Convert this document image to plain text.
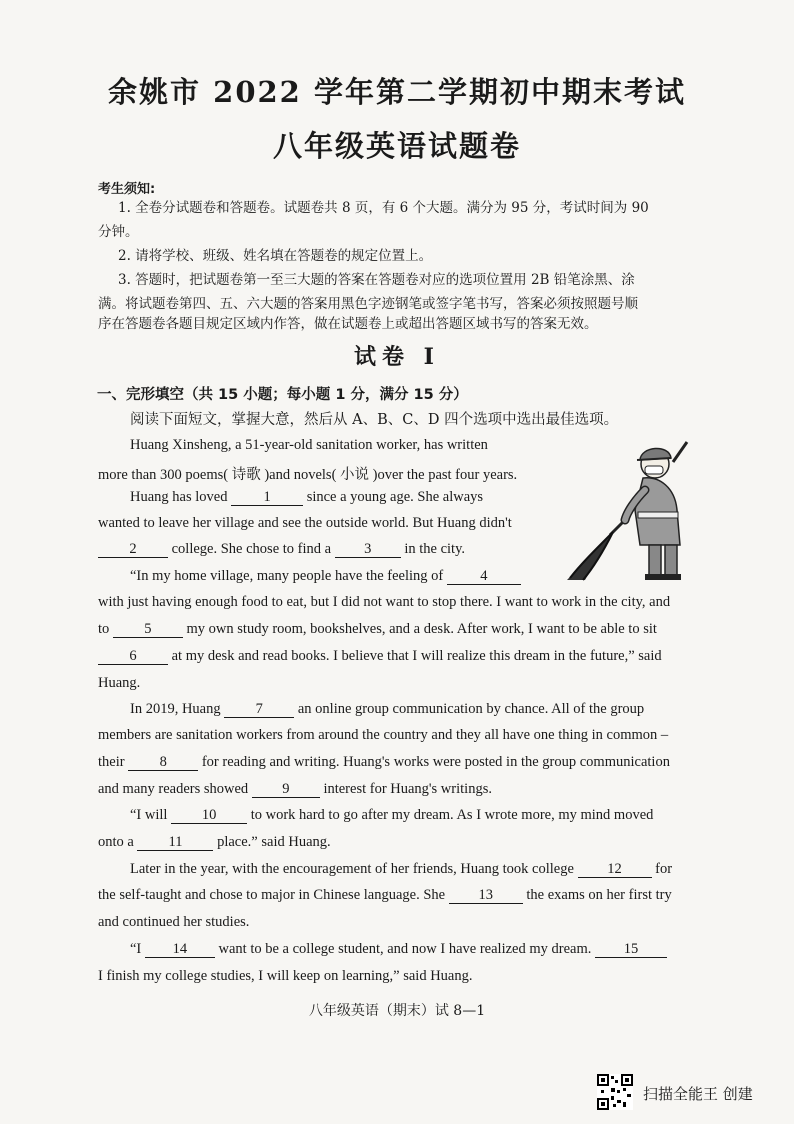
余姚市 2022 学年第二学期初中期末考试
八年级英语试题卷
考生须知:
1. 全卷分试题卷和答题卷。试题卷共 8 页，有 6 个大题。满分为 95 分，考试时间为 90
分钟。
2. 请将学校、班级、姓名填在答题卷的规定位置上。
3. 答题时，把试题卷第一至三大题的答案在答题卷对应的选项位置用 2B 铅笔涂黑、涂
满。将试题卷第四、五、六大题的答案用黑色字迹钢笔或签字笔书写，答案必须按照题号顺
序在答题卷各题目规定区域内作答，做在试题卷上或超出答题区域书写的答案无效。
试卷 I
一、完形填空（共 15 小题；每小题 1 分，满分 15 分）
阅读下面短文，掌握大意，然后从 A、B、C、D 四个选项中选出最佳选项。
Huang Xinsheng, a 51-year-old sanitation worker, has written
more than 300 poems( 诗歌 )and novels( 小说 )over the past four years.
Huang has loved 1 since a young age. She always
wanted to leave her village and see the outside world. But Huang didn't
2 college. She chose to find a 3 in the city.
“In my home village, many people have the feeling of	4
with just having enough food to eat, but I did not want to stop there. I want to work in the city, and
to 5 my own study room, bookshelves, and a desk. After work, I want to be able to sit
6 at my desk and read books. I believe that I will realize this dream in the future,” said
Huang.
In 2019, Huang 7 an online group communication by chance. All of the group
members are sanitation workers from around the country and they all have one thing in common –
their 8 for reading and writing. Huang's works were posted in the group communication
and many readers showed 9 interest for Huang's writings.
“I will 10 to work hard to go after my dream. As I wrote more, my mind moved
onto a 11 place.” said Huang.
Later in the year, with the encouragement of her friends, Huang took college 12 for
the self-taught and chose to major in Chinese language. She 13 the exams on her first try
and continued her studies.
“I 14 want to be a college student, and now I have realized my dream. 15
I finish my college studies, I will keep on learning,” said Huang.
八年级英语（期末）试 8—1
扫描全能王 创建
